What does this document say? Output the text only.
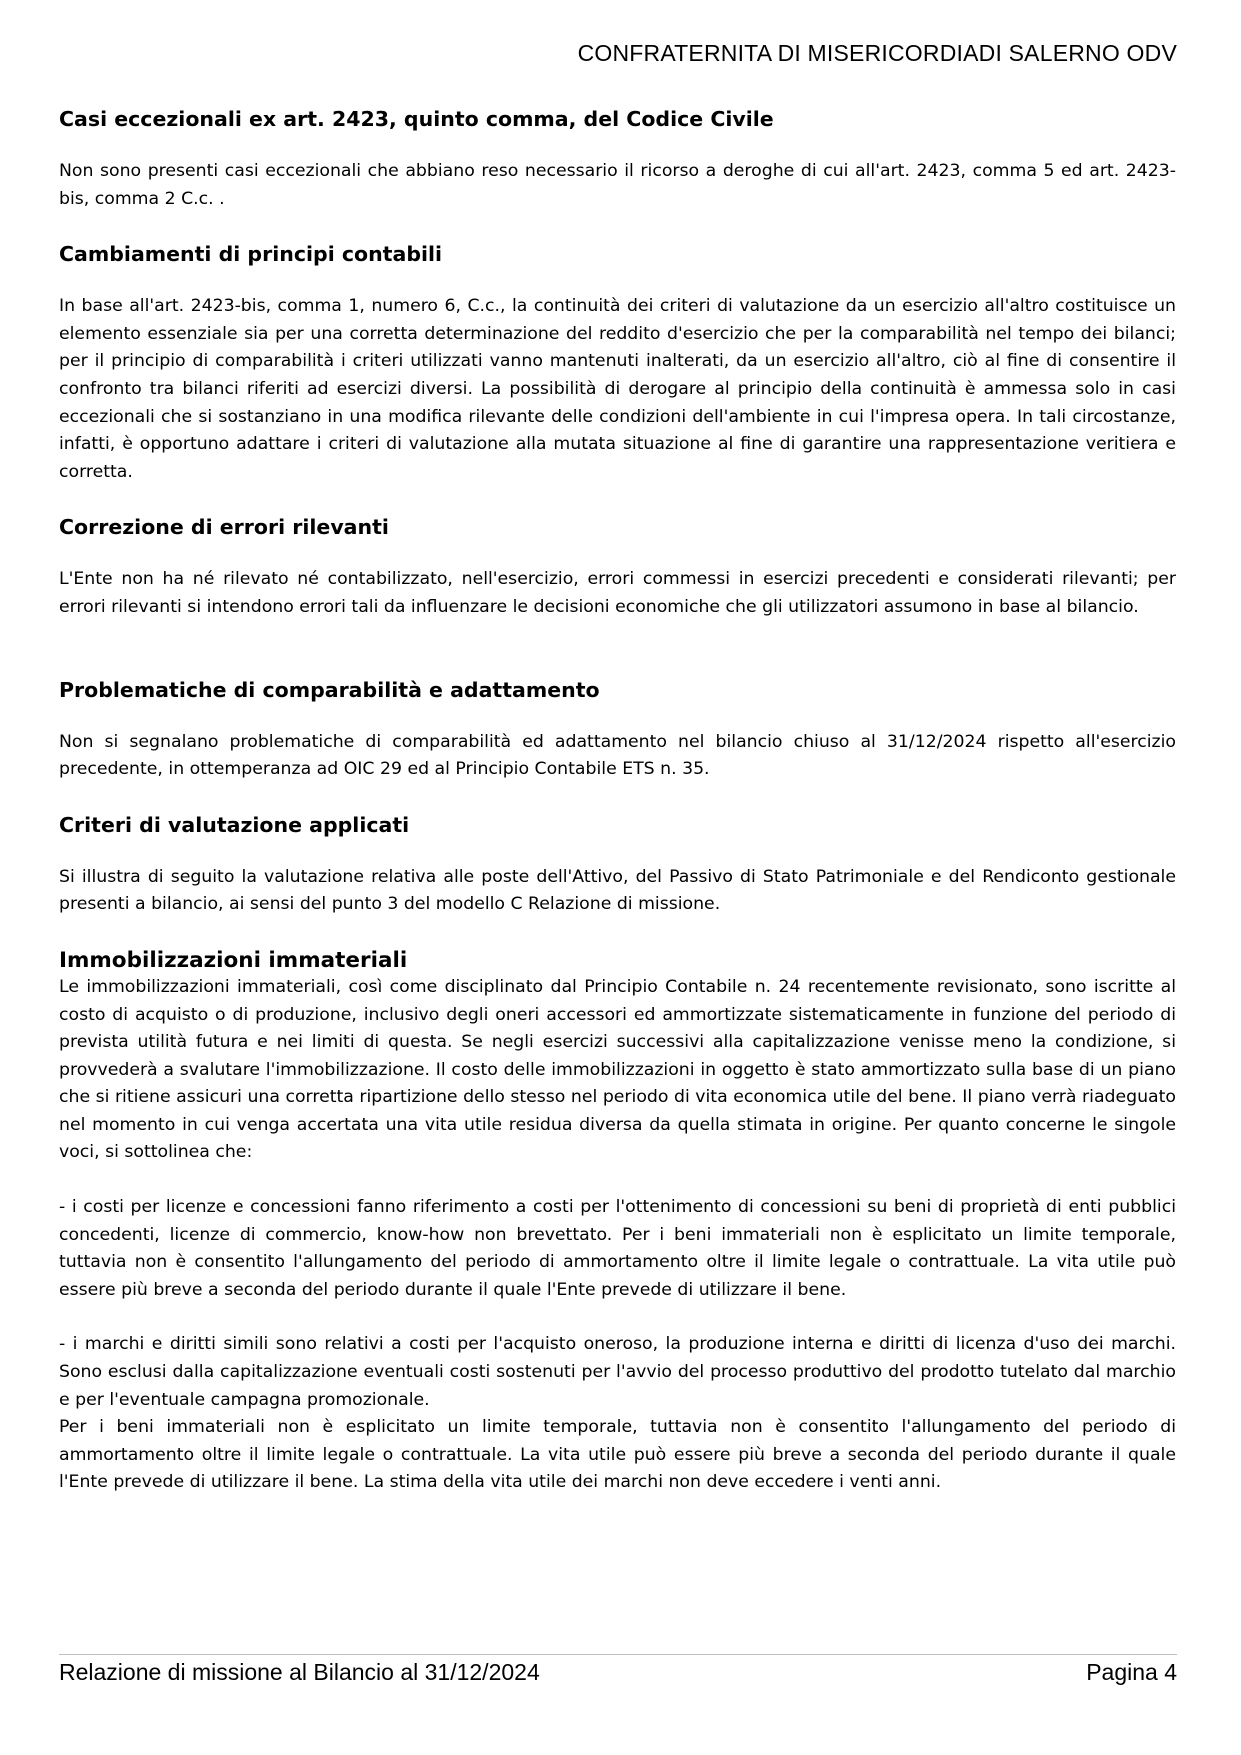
CONFRATERNITA DI MISERICORDIADI SALERNO ODV
Casi eccezionali ex art. 2423, quinto comma, del Codice Civile

Non sono presenti casi eccezionali che abbiano reso necessario il ricorso a deroghe di cui all'art. 2423, comma 5 ed art. 2423-bis, comma 2 C.c. .

Cambiamenti di principi contabili

In base all'art. 2423-bis, comma 1, numero 6, C.c., la continuità dei criteri di valutazione da un esercizio all'altro costituisce un elemento essenziale sia per una corretta determinazione del reddito d'esercizio che per la comparabilità nel tempo dei bilanci; per il principio di comparabilità i criteri utilizzati vanno mantenuti inalterati, da un esercizio all'altro, ciò al fine di consentire il confronto tra bilanci riferiti ad esercizi diversi. La possibilità di derogare al principio della continuità è ammessa solo in casi eccezionali che si sostanziano in una modifica rilevante delle condizioni dell'ambiente in cui l'impresa opera. In tali circostanze, infatti, è opportuno adattare i criteri di valutazione alla mutata situazione al fine di garantire una rappresentazione veritiera e corretta.

Correzione di errori rilevanti

L'Ente non ha né rilevato né contabilizzato, nell'esercizio, errori commessi in esercizi precedenti e considerati rilevanti; per errori rilevanti si intendono errori tali da influenzare le decisioni economiche che gli utilizzatori assumono in base al bilancio.

Problematiche di comparabilità e adattamento

Non si segnalano problematiche di comparabilità ed adattamento nel bilancio chiuso al 31/12/2024 rispetto all'esercizio precedente, in ottemperanza ad OIC 29 ed al Principio Contabile ETS n. 35.

Criteri di valutazione applicati

Si illustra di seguito la valutazione relativa alle poste dell'Attivo, del Passivo di Stato Patrimoniale e del Rendiconto gestionale presenti a bilancio, ai sensi del punto 3 del modello C Relazione di missione.

Immobilizzazioni immateriali

Le immobilizzazioni immateriali, così come disciplinato dal Principio Contabile n. 24 recentemente revisionato, sono iscritte al costo di acquisto o di produzione, inclusivo degli oneri accessori ed ammortizzate sistematicamente in funzione del periodo di prevista utilità futura e nei limiti di questa. Se negli esercizi successivi alla capitalizzazione venisse meno la condizione, si provvederà a svalutare l'immobilizzazione. Il costo delle immobilizzazioni in oggetto è stato ammortizzato sulla base di un piano che si ritiene assicuri una corretta ripartizione dello stesso nel periodo di vita economica utile del bene. Il piano verrà riadeguato nel momento in cui venga accertata una vita utile residua diversa da quella stimata in origine. Per quanto concerne le singole voci, si sottolinea che:

- i costi per licenze e concessioni fanno riferimento a costi per l'ottenimento di concessioni su beni di proprietà di enti pubblici concedenti, licenze di commercio, know-how non brevettato. Per i beni immateriali non è esplicitato un limite temporale, tuttavia non è consentito l'allungamento del periodo di ammortamento oltre il limite legale o contrattuale. La vita utile può essere più breve a seconda del periodo durante il quale l'Ente prevede di utilizzare il bene.

- i marchi e diritti simili sono relativi a costi per l'acquisto oneroso, la produzione interna e diritti di licenza d'uso dei marchi. Sono esclusi dalla capitalizzazione eventuali costi sostenuti per l'avvio del processo produttivo del prodotto tutelato dal marchio e per l'eventuale campagna promozionale.

Per i beni immateriali non è esplicitato un limite temporale, tuttavia non è consentito l'allungamento del periodo di ammortamento oltre il limite legale o contrattuale. La vita utile può essere più breve a seconda del periodo durante il quale l'Ente prevede di utilizzare il bene. La stima della vita utile dei marchi non deve eccedere i venti anni.

Relazione di missione al Bilancio al 31/12/2024	Pagina 4
